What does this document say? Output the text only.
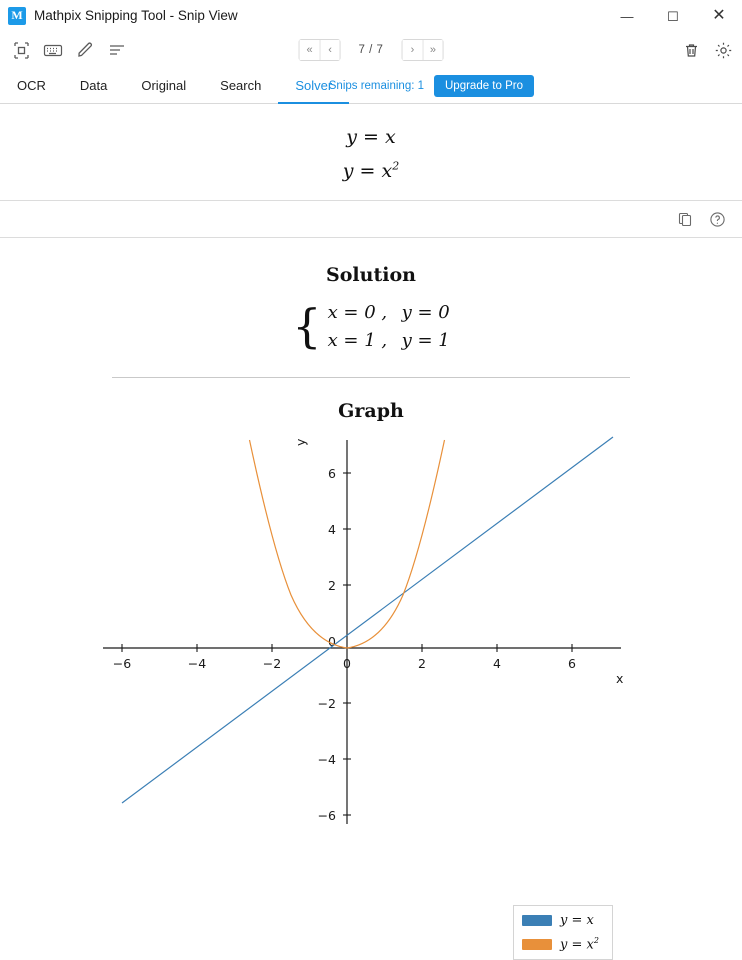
M Mathpix Snipping Tool - Snip View	—	☐	✕
«	‹	7 / 7	›	»
OCR	Data	Original	Search	Solver
Snips remaining: 1	Upgrade to Pro
y = x
$y = x^2$
Solution
{ x = 0 , y = 0
x = 1 , y = 1
Graph
−6	−4	−2	0	2	4	6
6
4
2
0
−2
−4
−6
x
y
y = x
$y = x^2$
